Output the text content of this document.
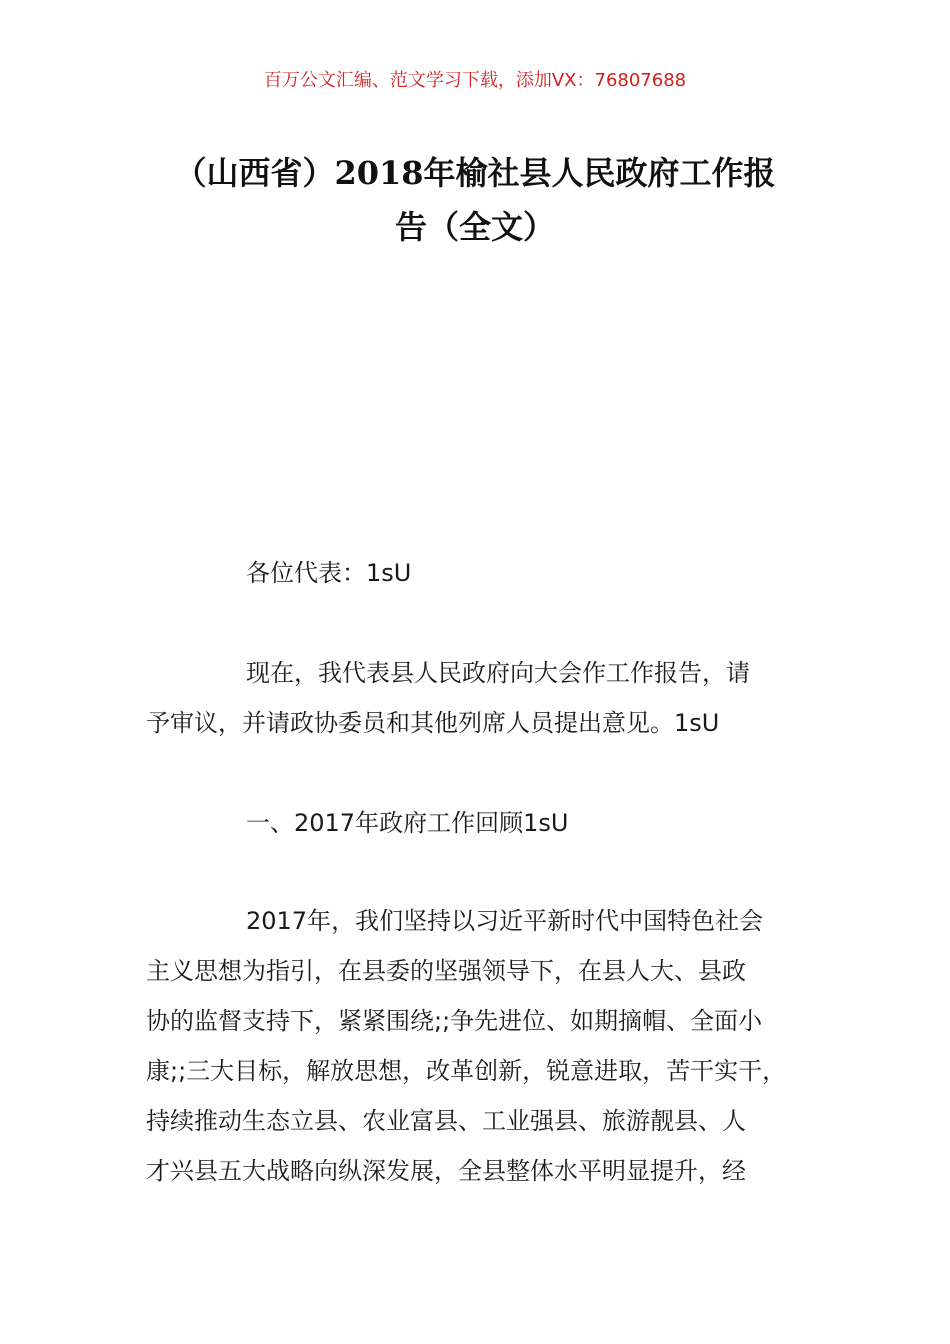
百万公文汇编、范文学习下载，添加VX：76807688
（山西省）2018年榆社县人民政府工作报
告（全文）
各位代表：1sU
现在，我代表县人民政府向大会作工作报告，请
予审议，并请政协委员和其他列席人员提出意见。1sU
一、2017年政府工作回顾1sU
2017年，我们坚持以习近平新时代中国特色社会
主义思想为指引，在县委的坚强领导下，在县人大、县政
协的监督支持下，紧紧围绕;;争先进位、如期摘帽、全面小
康;;三大目标，解放思想，改革创新，锐意进取，苦干实干，
持续推动生态立县、农业富县、工业强县、旅游靓县、人
才兴县五大战略向纵深发展，全县整体水平明显提升，经
